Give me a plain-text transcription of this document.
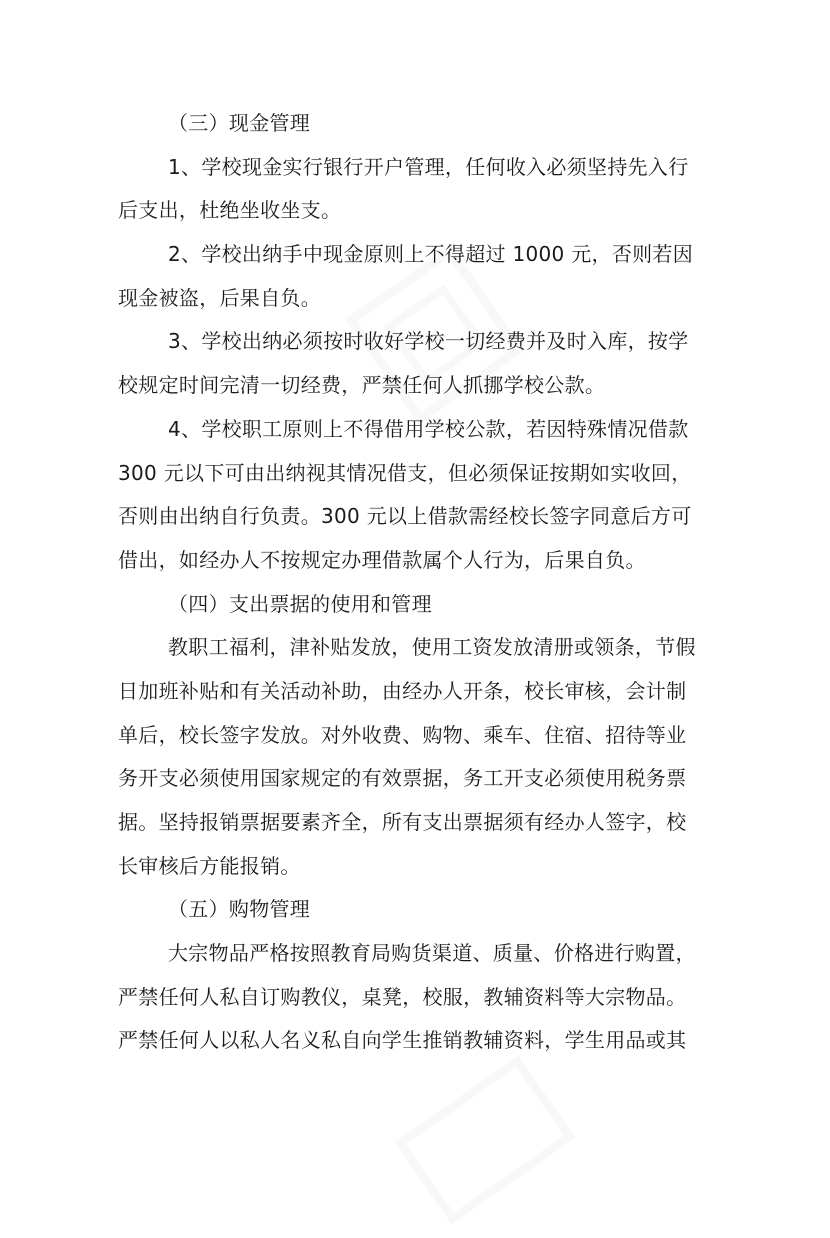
（三）现金管理
1、学校现金实行银行开户管理，任何收入必须坚持先入行
后支出，杜绝坐收坐支。
2、学校出纳手中现金原则上不得超过 1000 元，否则若因
现金被盗，后果自负。
3、学校出纳必须按时收好学校一切经费并及时入库，按学
校规定时间完清一切经费，严禁任何人抓挪学校公款。
4、学校职工原则上不得借用学校公款，若因特殊情况借款
300 元以下可由出纳视其情况借支，但必须保证按期如实收回，
否则由出纳自行负责。300 元以上借款需经校长签字同意后方可
借出，如经办人不按规定办理借款属个人行为，后果自负。
（四）支出票据的使用和管理
教职工福利，津补贴发放，使用工资发放清册或领条，节假
日加班补贴和有关活动补助，由经办人开条，校长审核，会计制
单后，校长签字发放。对外收费、购物、乘车、住宿、招待等业
务开支必须使用国家规定的有效票据，务工开支必须使用税务票
据。坚持报销票据要素齐全，所有支出票据须有经办人签字，校
长审核后方能报销。
（五）购物管理
大宗物品严格按照教育局购货渠道、质量、价格进行购置，
严禁任何人私自订购教仪，桌凳，校服，教辅资料等大宗物品。
严禁任何人以私人名义私自向学生推销教辅资料，学生用品或其
